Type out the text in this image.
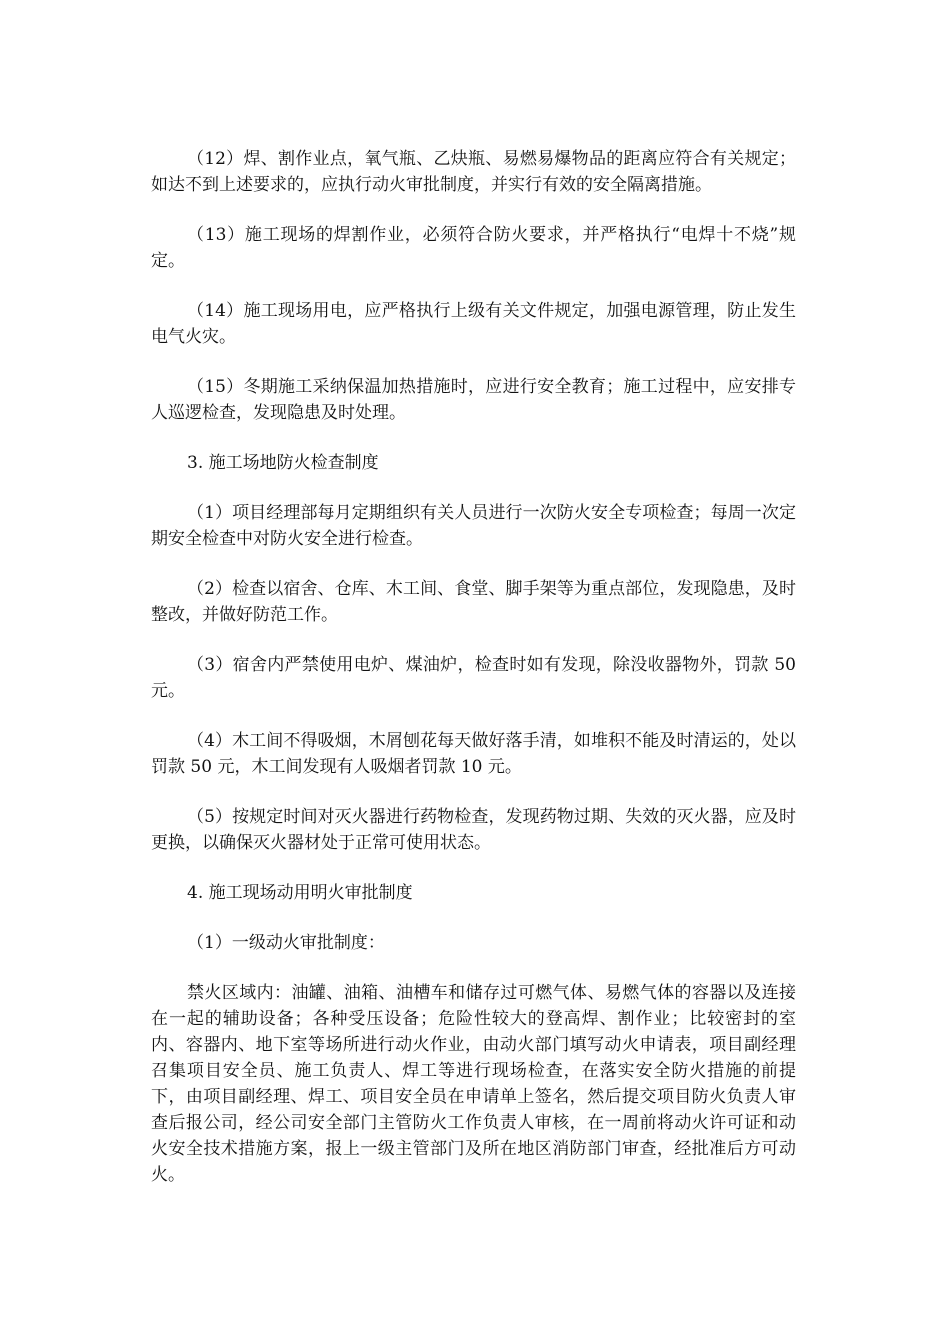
（12）焊、割作业点，氧气瓶、乙炔瓶、易燃易爆物品的距离应符合有关规定；如达不到上述要求的，应执行动火审批制度，并实行有效的安全隔离措施。

（13）施工现场的焊割作业，必须符合防火要求，并严格执行“电焊十不烧”规定。

（14）施工现场用电，应严格执行上级有关文件规定，加强电源管理，防止发生电气火灾。

（15）冬期施工采纳保温加热措施时，应进行安全教育；施工过程中，应安排专人巡逻检查，发现隐患及时处理。

3. 施工场地防火检查制度

（1）项目经理部每月定期组织有关人员进行一次防火安全专项检查；每周一次定期安全检查中对防火安全进行检查。

（2）检查以宿舍、仓库、木工间、食堂、脚手架等为重点部位，发现隐患，及时整改，并做好防范工作。

（3）宿舍内严禁使用电炉、煤油炉，检查时如有发现，除没收器物外，罚款 50 元。

（4）木工间不得吸烟，木屑刨花每天做好落手清，如堆积不能及时清运的，处以罚款 50 元，木工间发现有人吸烟者罚款 10 元。

（5）按规定时间对灭火器进行药物检查，发现药物过期、失效的灭火器，应及时更换，以确保灭火器材处于正常可使用状态。

4. 施工现场动用明火审批制度

（1）一级动火审批制度：

禁火区域内：油罐、油箱、油槽车和储存过可燃气体、易燃气体的容器以及连接在一起的辅助设备；各种受压设备；危险性较大的登高焊、割作业；比较密封的室内、容器内、地下室等场所进行动火作业，由动火部门填写动火申请表，项目副经理召集项目安全员、施工负责人、焊工等进行现场检查，在落实安全防火措施的前提下，由项目副经理、焊工、项目安全员在申请单上签名，然后提交项目防火负责人审查后报公司，经公司安全部门主管防火工作负责人审核，在一周前将动火许可证和动火安全技术措施方案，报上一级主管部门及所在地区消防部门审查，经批准后方可动火。
